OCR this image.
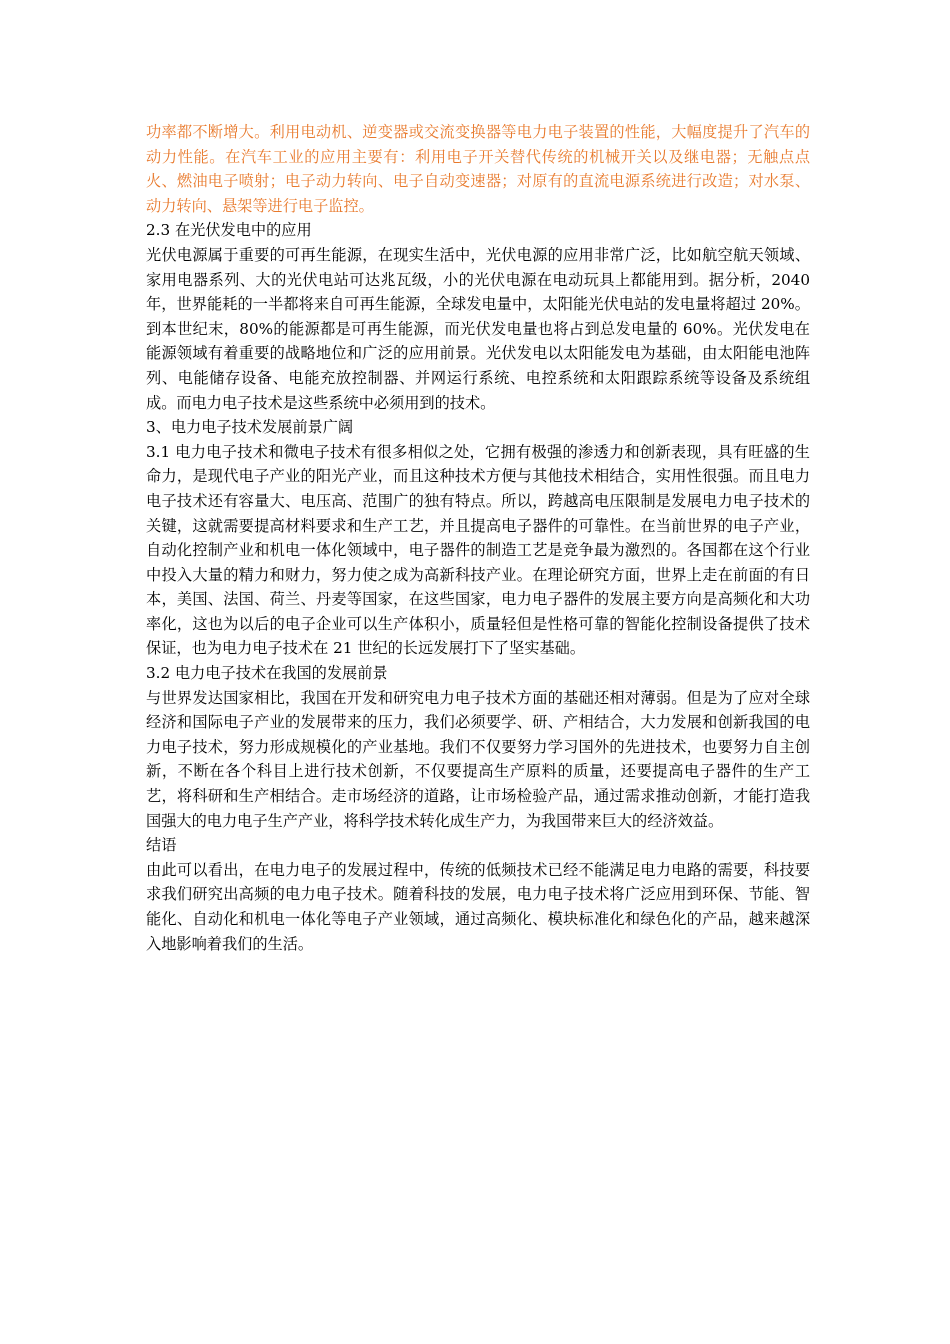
功率都不断增大。利用电动机、逆变器或交流变换器等电力电子装置的性能，大幅度提升了汽车的动力性能。在汽车工业的应用主要有：利用电子开关替代传统的机械开关以及继电器；无触点点火、燃油电子喷射；电子动力转向、电子自动变速器；对原有的直流电源系统进行改造；对水泵、动力转向、悬架等进行电子监控。

2.3 在光伏发电中的应用

光伏电源属于重要的可再生能源，在现实生活中，光伏电源的应用非常广泛，比如航空航天领域、家用电器系列、大的光伏电站可达兆瓦级，小的光伏电源在电动玩具上都能用到。据分析，2040 年，世界能耗的一半都将来自可再生能源，全球发电量中，太阳能光伏电站的发电量将超过 20%。到本世纪末，80%的能源都是可再生能源，而光伏发电量也将占到总发电量的 60%。光伏发电在能源领域有着重要的战略地位和广泛的应用前景。光伏发电以太阳能发电为基础，由太阳能电池阵列、电能储存设备、电能充放控制器、并网运行系统、电控系统和太阳跟踪系统等设备及系统组成。而电力电子技术是这些系统中必须用到的技术。

3、电力电子技术发展前景广阔

3.1 电力电子技术和微电子技术有很多相似之处，它拥有极强的渗透力和创新表现，具有旺盛的生命力，是现代电子产业的阳光产业，而且这种技术方便与其他技术相结合，实用性很强。而且电力电子技术还有容量大、电压高、范围广的独有特点。所以，跨越高电压限制是发展电力电子技术的关键，这就需要提高材料要求和生产工艺，并且提高电子器件的可靠性。在当前世界的电子产业，自动化控制产业和机电一体化领域中，电子器件的制造工艺是竞争最为激烈的。各国都在这个行业中投入大量的精力和财力，努力使之成为高新科技产业。在理论研究方面，世界上走在前面的有日本，美国、法国、荷兰、丹麦等国家，在这些国家，电力电子器件的发展主要方向是高频化和大功率化，这也为以后的电子企业可以生产体积小，质量轻但是性格可靠的智能化控制设备提供了技术保证，也为电力电子技术在 21 世纪的长远发展打下了坚实基础。

3.2 电力电子技术在我国的发展前景

与世界发达国家相比，我国在开发和研究电力电子技术方面的基础还相对薄弱。但是为了应对全球经济和国际电子产业的发展带来的压力，我们必须要学、研、产相结合，大力发展和创新我国的电力电子技术，努力形成规模化的产业基地。我们不仅要努力学习国外的先进技术，也要努力自主创新，不断在各个科目上进行技术创新，不仅要提高生产原料的质量，还要提高电子器件的生产工艺，将科研和生产相结合。走市场经济的道路，让市场检验产品，通过需求推动创新，才能打造我国强大的电力电子生产产业，将科学技术转化成生产力，为我国带来巨大的经济效益。

结语

由此可以看出，在电力电子的发展过程中，传统的低频技术已经不能满足电力电路的需要，科技要求我们研究出高频的电力电子技术。随着科技的发展，电力电子技术将广泛应用到环保、节能、智能化、自动化和机电一体化等电子产业领域，通过高频化、模块标准化和绿色化的产品，越来越深入地影响着我们的生活。
